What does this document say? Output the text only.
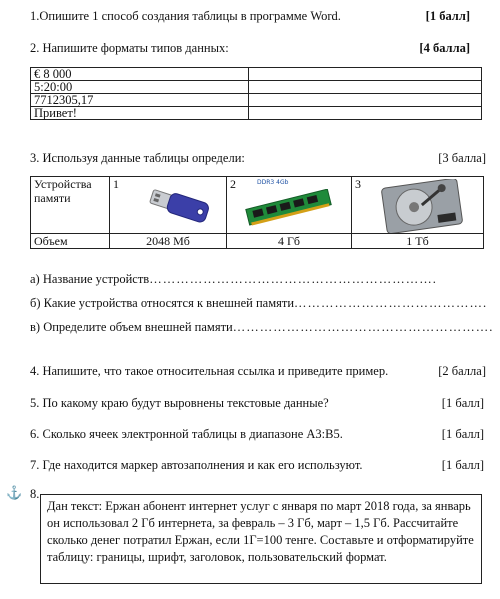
1.Опишите 1 способ создания таблицы в программе Word.	[1 балл]
2. Напишите форматы типов данных:	[4 балла]
€ 8 000	
5:20:00	
7712305,17	
Привет!	
3. Используя данные таблицы определи:	[3 балла]
Устройства памяти	1	2 DDR3 4Gb	3

Объем	2048 Мб	4 Гб	1 Тб
а) Название устройств……………………………………………………….
б) Какие устройства относятся к внешней памяти…………………………………….
в) Определите объем внешней памяти………………………………………………….
4. Напишите, что такое относительная ссылка и приведите пример.	[2 балла]
5. По какому краю будут выровнены текстовые данные?	[1 балл]
6. Сколько ячеек электронной таблицы в диапазоне A3:B5.	[1 балл]
7. Где находится маркер автозаполнения и как его используют.	[1 балл]
⚓ 8.
Дан текст: Ержан абонент интернет услуг с января по март 2018 года, за январь он использовал 2 Гб интернета, за февраль – 3 Гб, март – 1,5 Гб. Рассчитайте сколько денег потратил Ержан, если 1Г=100 тенге. Составьте и отформатируйте таблицу: границы, шрифт, заголовок, пользовательский формат.
